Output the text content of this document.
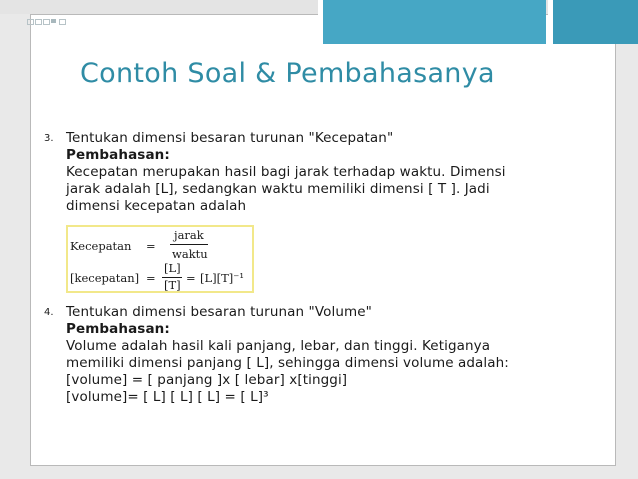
Contoh Soal & Pembahasanya
3. Tentukan dimensi besaran turunan "Kecepatan"
Pembahasan:
Kecepatan merupakan hasil bagi jarak terhadap waktu. Dimensi
jarak adalah [L], sedangkan waktu memiliki dimensi [ T ]. Jadi
dimensi kecepatan adalah
4. Tentukan dimensi besaran turunan "Volume"
Pembahasan:
Volume adalah hasil kali panjang, lebar, dan tinggi. Ketiganya
memiliki dimensi panjang [ L], sehingga dimensi volume adalah:
[volume] = [ panjang ]x [ lebar] x[tinggi]
[volume]= [ L] [ L] [ L] = [ L]³
Kecepatan =
jarak
waktu
[kecepatan] =
[L]
[T] = [L][T]⁻¹
